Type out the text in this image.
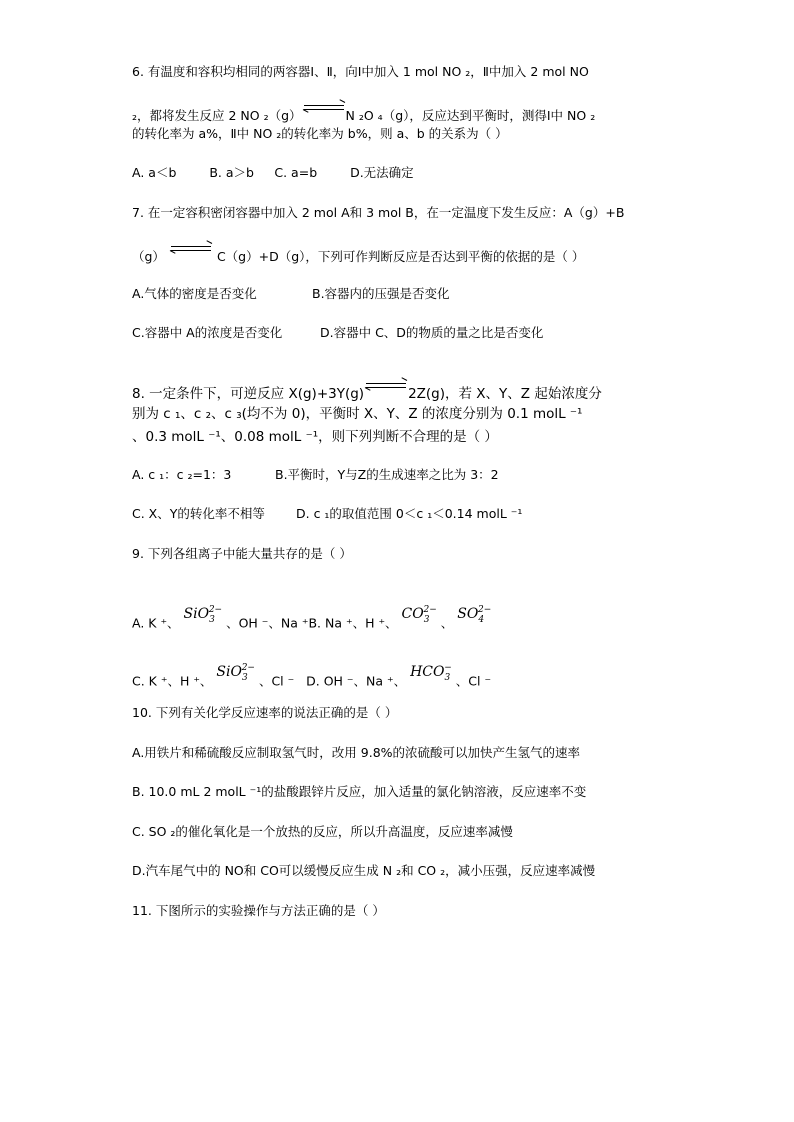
6. 有温度和容积均相同的两容器Ⅰ、Ⅱ，向Ⅰ中加入 1 mol NO ₂，Ⅱ中加入 2 mol NO
₂，都将发生反应 2 NO ₂（g）	N ₂O ₄（g），反应达到平衡时，测得Ⅰ中 NO ₂
的转化率为 a%，Ⅱ中 NO ₂的转化率为 b%，则 a、b 的关系为（ ）
A. a＜b　　  B. a＞b　  C. a=b　　  D.无法确定
7. 在一定容积密闭容器中加入 2 mol A和 3 mol B，在一定温度下发生反应：A（g）+B
（g）	C（g）+D（g），下列可作判断反应是否达到平衡的依据的是（ ）
A.气体的密度是否变化	B.容器内的压强是否变化
C.容器中 A的浓度是否变化	D.容器中 C、D的物质的量之比是否变化
8. 一定条件下，可逆反应 X(g)+3Y(g)	2Z(g)，若 X、Y、Z 起始浓度分
别为 c ₁、c ₂、c ₃(均不为 0)，平衡时 X、Y、Z 的浓度分别为 0.1 molL ⁻¹
、0.3 molL ⁻¹、0.08 molL ⁻¹，则下列判断不合理的是（ ）
A. c ₁：c ₂=1：3	B.平衡时，Y与Z的生成速率之比为 3：2
C. X、Y的转化率不相等 D. c ₁的取值范围 0＜c ₁＜0.14 molL ⁻¹
9. 下列各组离子中能大量共存的是（ ）
A. K ⁺、 SiO$_3^{2-}$ 、OH ⁻、Na ⁺B. Na ⁺、H ⁺、 $CO_3^{2-}$ 、 $SO_4^{2-}$
C. K ⁺、H ⁺、 SiO$_3^{2-}$ 、Cl ⁻   D. OH ⁻、Na ⁺、 $HCO_3^-$ 、Cl ⁻
10. 下列有关化学反应速率的说法正确的是（ ）
A.用铁片和稀硫酸反应制取氢气时，改用 9.8%的浓硫酸可以加快产生氢气的速率
B. 10.0 mL 2 molL ⁻¹的盐酸跟锌片反应，加入适量的氯化钠溶液，反应速率不变
C. SO ₂的催化氧化是一个放热的反应，所以升高温度，反应速率减慢
D.汽车尾气中的 NO和 CO可以缓慢反应生成 N ₂和 CO ₂，减小压强，反应速率减慢
11. 下图所示的实验操作与方法正确的是（ ）
